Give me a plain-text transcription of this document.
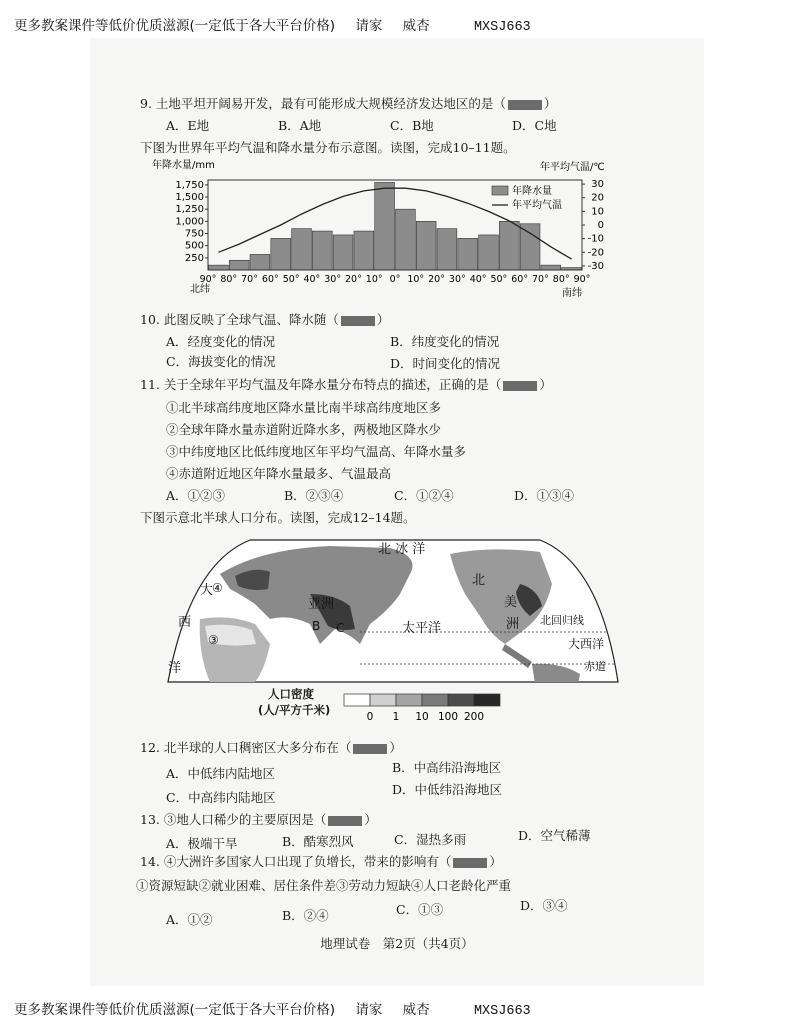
更多教案课件等低价优质滋源(一定低于各大平台价格) 请家 威杏	MXSJ663
9. 土地平坦开阔易开发，最有可能形成大规模经济发达地区的是（	）
A．E地	B．A地	C．B地	D．C地
下图为世界年平均气温和降水量分布示意图。读图，完成10–11题。
年降水量/mm	年平均气温/℃
250
500
750
1,000
1,250
1,500
1,750	30
20
10
0
-10
-20
-30
90° 80° 70° 60° 50° 40° 30° 20° 10° 0° 10° 20° 30° 40° 50° 60° 70° 80° 90°
年降水量
年平均气温
北纬	南纬
10. 此图反映了全球气温、降水随（	）
A．经度变化的情况	B．纬度变化的情况
C．海拔变化的情况	D．时间变化的情况
11. 关于全球年平均气温及年降水量分布特点的描述，正确的是（	）
①北半球高纬度地区降水量比南半球高纬度地区多
②全球年降水量赤道附近降水多，两极地区降水少
③中纬度地区比低纬度地区年平均气温高、年降水量多
④赤道附近地区年降水量最多、气温最高
A．①②③	B．②③④	C．①②④	D．①③④
下图示意北半球人口分布。读图，完成12–14题。
北 冰 洋
大
④
亚洲
西
③
洋
B C	太平洋
北
美
洲 北回归线
大西洋
赤道
人口密度
(人/平方千米)	0 1 10 100 200
12. 北半球的人口稠密区大多分布在（	）
A．中低纬内陆地区	B．中高纬沿海地区
C．中高纬内陆地区
D．中低纬沿海地区
13. ③地人口稀少的主要原因是（	）
A．极端干旱	B．酷寒烈风	C．湿热多雨	D．空气稀薄
14. ④大洲许多国家人口出现了负增长，带来的影响有（	）
①资源短缺②就业困难、居住条件差③劳动力短缺④人口老龄化严重
A．①②	B．②④	C．①③	D．③④
地理试卷　第2页（共4页）
更多教案课件等低价优质滋源(一定低于各大平台价格) 请家 威杏	MXSJ663
